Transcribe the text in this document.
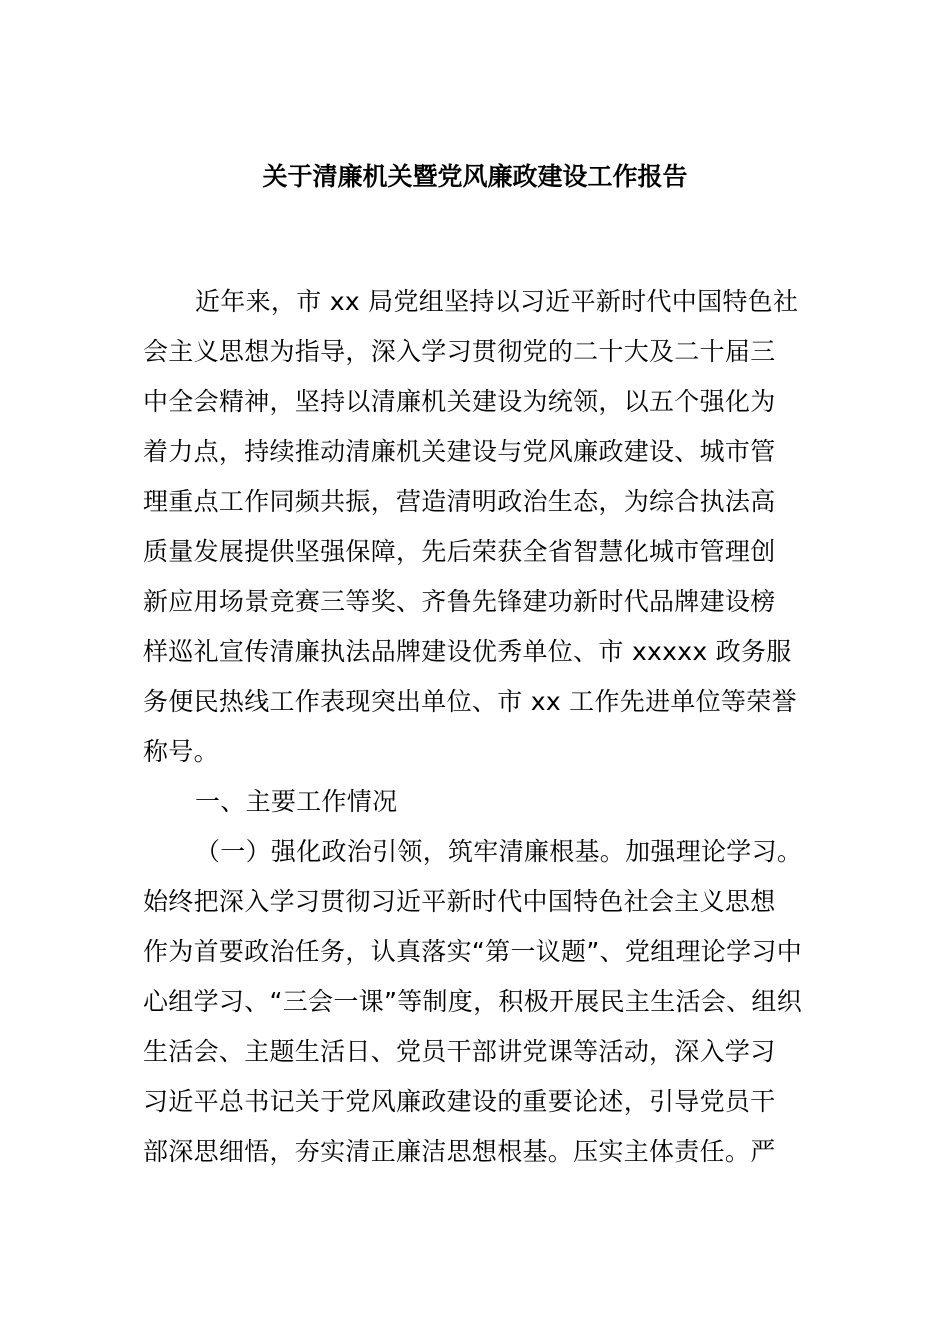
关于清廉机关暨党风廉政建设工作报告
近年来，市 xx 局党组坚持以习近平新时代中国特色社
会主义思想为指导，深入学习贯彻党的二十大及二十届三
中全会精神，坚持以清廉机关建设为统领，以五个强化为
着力点，持续推动清廉机关建设与党风廉政建设、城市管
理重点工作同频共振，营造清明政治生态，为综合执法高
质量发展提供坚强保障，先后荣获全省智慧化城市管理创
新应用场景竞赛三等奖、齐鲁先锋建功新时代品牌建设榜
样巡礼宣传清廉执法品牌建设优秀单位、市 xxxxx 政务服
务便民热线工作表现突出单位、市 xx 工作先进单位等荣誉
称号。
一、主要工作情况
（一）强化政治引领，筑牢清廉根基。加强理论学习。
始终把深入学习贯彻习近平新时代中国特色社会主义思想
作为首要政治任务，认真落实“第一议题”、党组理论学习中
心组学习、“三会一课”等制度，积极开展民主生活会、组织
生活会、主题生活日、党员干部讲党课等活动，深入学习
习近平总书记关于党风廉政建设的重要论述，引导党员干
部深思细悟，夯实清正廉洁思想根基。压实主体责任。严
